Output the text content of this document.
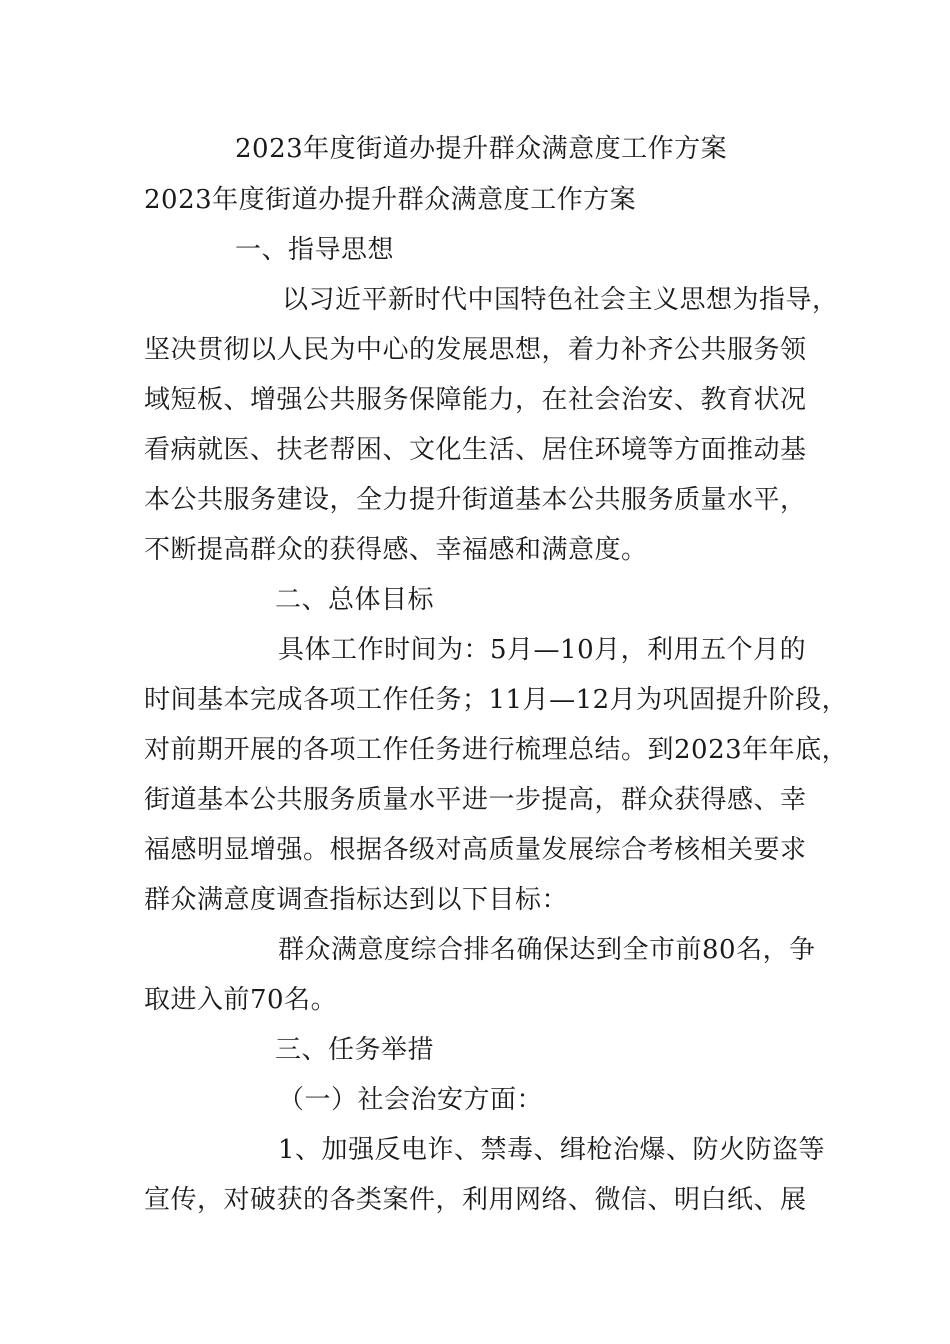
2023年度街道办提升群众满意度工作方案
2023年度街道办提升群众满意度工作方案
一、指导思想
以习近平新时代中国特色社会主义思想为指导，
坚决贯彻以人民为中心的发展思想，着力补齐公共服务领
域短板、增强公共服务保障能力，在社会治安、教育状况
看病就医、扶老帮困、文化生活、居住环境等方面推动基
本公共服务建设，全力提升街道基本公共服务质量水平，
不断提高群众的获得感、幸福感和满意度。
二、总体目标
具体工作时间为：5月—10月，利用五个月的
时间基本完成各项工作任务；11月—12月为巩固提升阶段，
对前期开展的各项工作任务进行梳理总结。到2023年年底，
街道基本公共服务质量水平进一步提高，群众获得感、幸
福感明显增强。根据各级对高质量发展综合考核相关要求
群众满意度调查指标达到以下目标：
群众满意度综合排名确保达到全市前80名，争
取进入前70名。
三、任务举措
（一）社会治安方面：
1、加强反电诈、禁毒、缉枪治爆、防火防盗等
宣传，对破获的各类案件，利用网络、微信、明白纸、展
